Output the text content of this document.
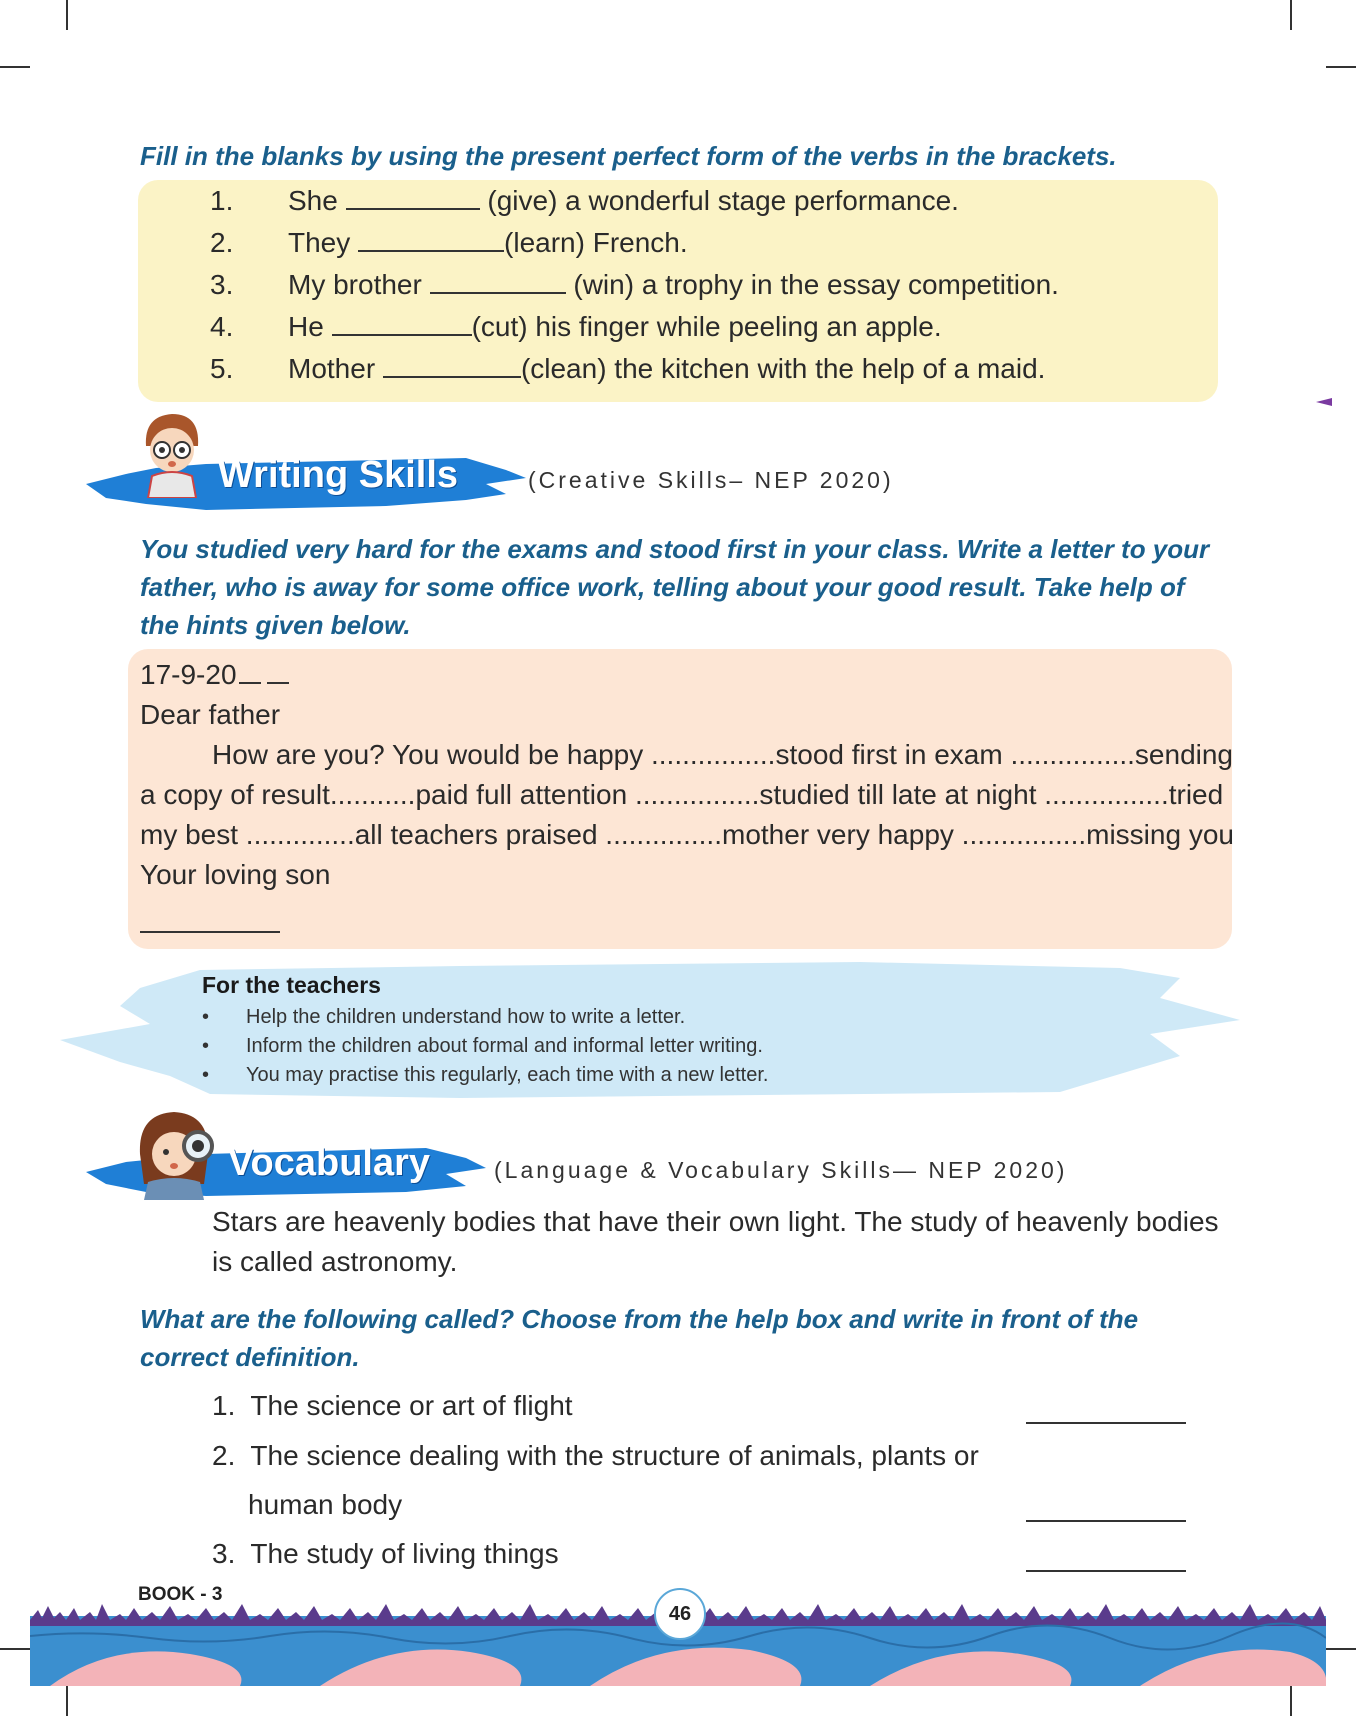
Fill in the blanks by using the present perfect form of the verbs in the brackets.

1. She	(give) a wonderful stage performance.
2. They	(learn) French.
3. My brother	(win) a trophy in the essay competition.
4. He	(cut) his finger while peeling an apple.
5. Mother	(clean) the kitchen with the help of a maid.
Writing Skills	(Creative Skills– NEP 2020)

You studied very hard for the exams and stood first in your class. Write a letter to your father, who is away for some office work, telling about your good result. Take help of the hints given below.

17-9-20
Dear father
How are you? You would be happy ................ stood first in exam ................ sending
a copy of result........... paid full attention ................ studied till late at night ................ tried
my best .............. all teachers praised ............... mother very happy ................ missing you
Your loving son
For the teachers
• Help the children understand how to write a letter.
• Inform the children about formal and informal letter writing.
• You may practise this regularly, each time with a new letter.
Vocabulary	(Language & Vocabulary Skills— NEP 2020)

Stars are heavenly bodies that have their own light. The study of heavenly bodies is called astronomy.

What are the following called? Choose from the help box and write in front of the correct definition.

1. The science or art of flight
2. The science dealing with the structure of animals, plants or
human body
3. The study of living things
BOOK - 3
46
